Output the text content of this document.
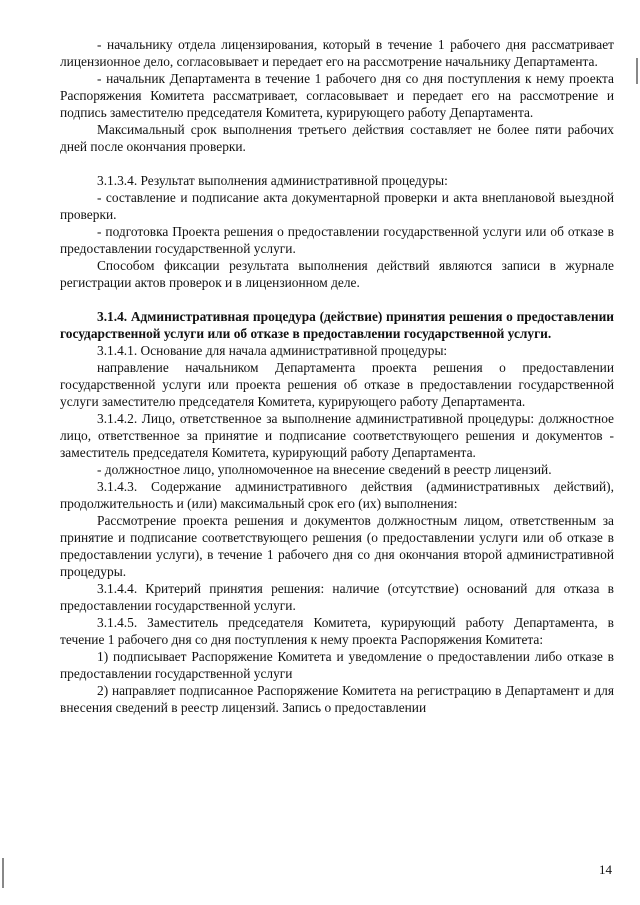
- начальнику отдела лицензирования, который в течение 1 рабочего дня рассматривает лицензионное дело, согласовывает и передает его на рассмотрение начальнику Департамента.

- начальник Департамента в течение 1 рабочего дня со дня поступления к нему проекта Распоряжения Комитета рассматривает, согласовывает и передает его на рассмотрение и подпись заместителю председателя Комитета, курирующего работу Департамента.

Максимальный срок выполнения третьего действия составляет не более пяти рабочих дней после окончания проверки.

3.1.3.4. Результат выполнения административной процедуры:

- составление и подписание акта документарной проверки и акта внеплановой выездной проверки.

- подготовка Проекта решения о предоставлении государственной услуги или об отказе в предоставлении государственной услуги.

Способом фиксации результата выполнения действий являются записи в журнале регистрации актов проверок и в лицензионном деле.

3.1.4. Административная процедура (действие) принятия решения о предоставлении государственной услуги или об отказе в предоставлении государственной услуги.

3.1.4.1. Основание для начала административной процедуры:

направление начальником Департамента проекта решения о предоставлении государственной услуги или проекта решения об отказе в предоставлении государственной услуги заместителю председателя Комитета, курирующего работу Департамента.

3.1.4.2. Лицо, ответственное за выполнение административной процедуры: должностное лицо, ответственное за принятие и подписание соответствующего решения и документов - заместитель председателя Комитета, курирующий работу Департамента.

- должностное лицо, уполномоченное на внесение сведений в реестр лицензий.

3.1.4.3. Содержание административного действия (административных действий), продолжительность и (или) максимальный срок его (их) выполнения:

Рассмотрение проекта решения и документов должностным лицом, ответственным за принятие и подписание соответствующего решения (о предоставлении услуги или об отказе в предоставлении услуги), в течение 1 рабочего дня со дня окончания второй административной процедуры.

3.1.4.4. Критерий принятия решения: наличие (отсутствие) оснований для отказа в предоставлении государственной услуги.

3.1.4.5. Заместитель председателя Комитета, курирующий работу Департамента, в течение 1 рабочего дня со дня поступления к нему проекта Распоряжения Комитета:

1) подписывает Распоряжение Комитета и уведомление о предоставлении либо отказе в предоставлении государственной услуги

2) направляет подписанное Распоряжение Комитета на регистрацию в Департамент и для внесения сведений в реестр лицензий. Запись о предоставлении

14
